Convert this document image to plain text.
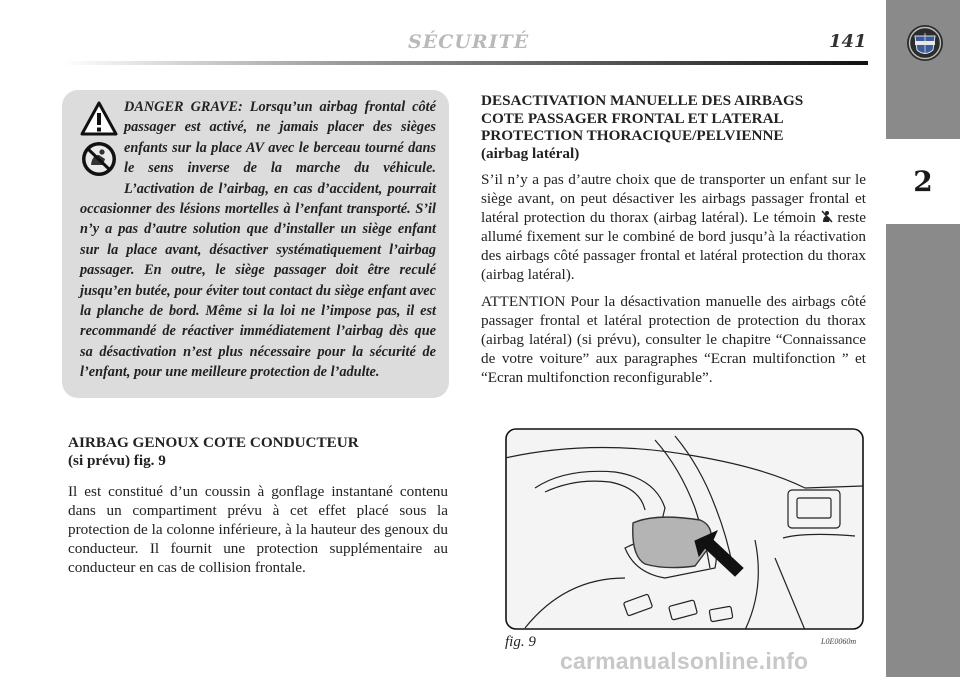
2
SÉCURITÉ	141
DANGER GRAVE: Lorsqu’un airbag frontal côté passager est activé, ne jamais placer des sièges enfants sur la place AV avec le berceau tourné dans le sens inverse de la marche du véhicule. L’activation de l’airbag, en cas d’accident, pourrait occasionner des lésions mortelles à l’enfant transporté. S’il n’y a pas d’autre solution que d’installer un siège enfant sur la place avant, désactiver systématiquement l’airbag passager. En outre, le siège passager doit être reculé jusqu’en butée, pour éviter tout contact du siège enfant avec la planche de bord. Même si la loi ne l’impose pas, il est recommandé de réactiver immédiatement l’airbag dès que sa désactivation n’est plus nécessaire pour la sécurité de l’enfant, pour une meilleure protection de l’adulte.
DESACTIVATION MANUELLE DES AIRBAGS
COTE PASSAGER FRONTAL ET LATERAL
PROTECTION THORACIQUE/PELVIENNE
(airbag latéral)
S’il n’y a pas d’autre choix que de transporter un enfant sur le siège avant, on peut désactiver les airbags passager frontal et latéral protection du thorax (airbag latéral). Le témoin  reste allumé fixement sur le combiné de bord jusqu’à la réactivation des airbags côté passager frontal et latéral protection du thorax (airbag latéral).
ATTENTION Pour la désactivation manuelle des airbags côté passager frontal et latéral protection de protection du thorax (airbag latéral) (si prévu), consulter le chapitre “Connaissance de votre voiture” aux paragraphes “Ecran multifonction ” et “Ecran multifonction reconfigurable”.
AIRBAG GENOUX COTE CONDUCTEUR
(si prévu) fig. 9
Il est constitué d’un coussin à gonflage instantané contenu dans un compartiment prévu à cet effet placé sous la protection de la colonne inférieure, à la hauteur des genoux du conducteur. Il fournit une protection supplémentaire au conducteur en cas de collision frontale.
fig. 9	L0E0060m
carmanualsonline.info
